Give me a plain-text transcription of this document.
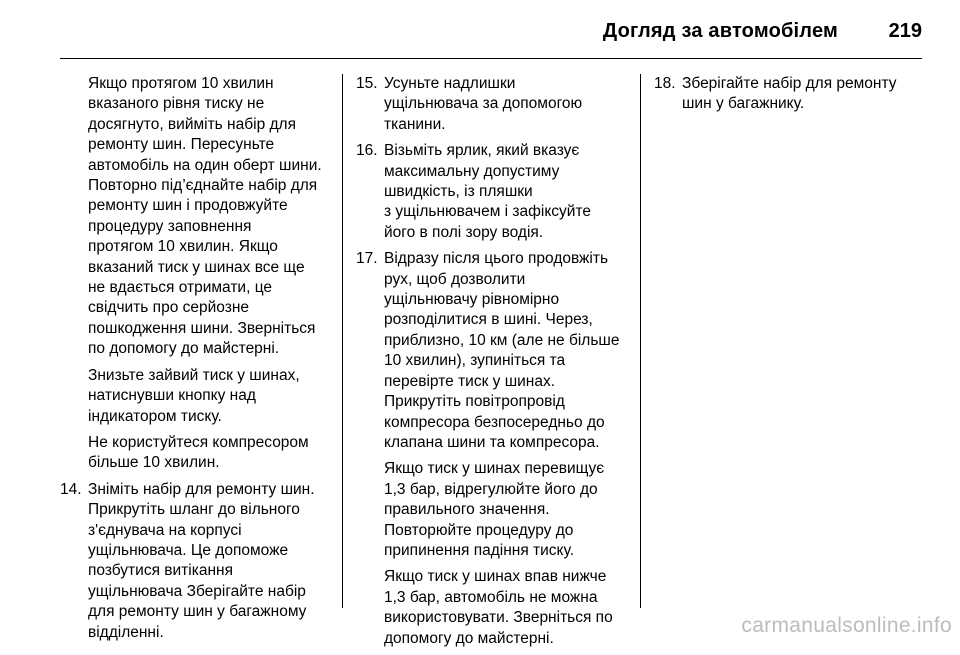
Догляд за автомобілем	219

Якщо протягом 10 хвилин
вказаного рівня тиску не
досягнуто, вийміть набір для
ремонту шин. Пересуньте
автомобіль на один оберт шини.
Повторно під’єднайте набір для
ремонту шин і продовжуйте
процедуру заповнення
протягом 10 хвилин. Якщо
вказаний тиск у шинах все ще
не вдається отримати, це
свідчить про серйозне
пошкодження шини. Зверніться
по допомогу до майстерні.

Знизьте зайвий тиск у шинах,
натиснувши кнопку над
індикатором тиску.

Не користуйтеся компресором
більше 10 хвилин.

14. Зніміть набір для ремонту шин.
Прикрутіть шланг до вільного
з'єднувача на корпусі
ущільнювача. Це допоможе
позбутися витікання
ущільнювача Зберігайте набір
для ремонту шин у багажному
відділенні.
15. Усуньте надлишки
ущільнювача за допомогою
тканини.
16. Візьміть ярлик, який вказує
максимальну допустиму
швидкість, із пляшки
з ущільнювачем і зафіксуйте
його в полі зору водія.
17. Відразу після цього продовжіть
рух, щоб дозволити
ущільнювачу рівномірно
розподілитися в шині. Через,
приблизно, 10 км (але не більше
10 хвилин), зупиніться та
перевірте тиск у шинах.
Прикрутіть повітропровід
компресора безпосередньо до
клапана шини та компресора.
Якщо тиск у шинах перевищує
1,3 бар, відрегулюйте його до
правильного значення.
Повторюйте процедуру до
припинення падіння тиску.
Якщо тиск у шинах впав нижче
1,3 бар, автомобіль не можна
використовувати. Зверніться по
допомогу до майстерні.
18. Зберігайте набір для ремонту
шин у багажнику.
carmanualsonline.info
